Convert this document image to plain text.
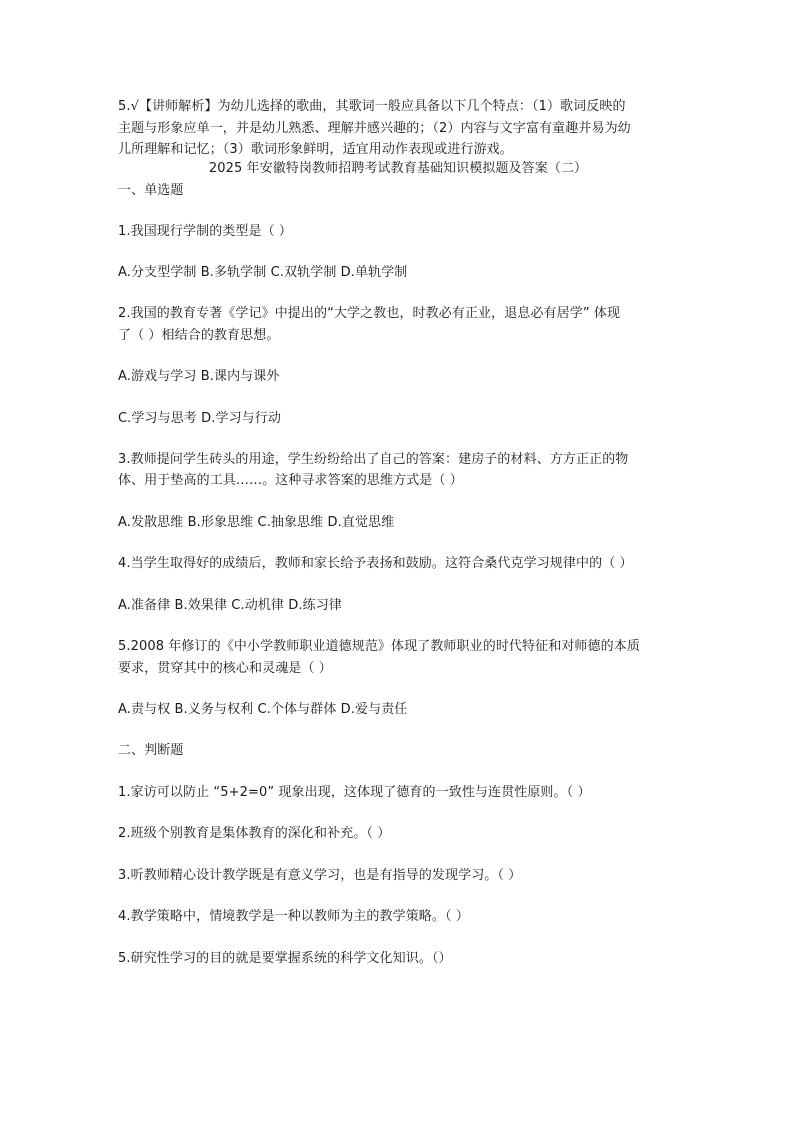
5.√【讲师解析】为幼儿选择的歌曲，其歌词一般应具备以下几个特点：（1）歌词反映的
主题与形象应单一，并是幼儿熟悉、理解并感兴趣的；（2）内容与文字富有童趣并易为幼
儿所理解和记忆；（3）歌词形象鲜明，适宜用动作表现或进行游戏。
2025 年安徽特岗教师招聘考试教育基础知识模拟题及答案（二）
一、单选题
1.我国现行学制的类型是（ ）
A.分支型学制 B.多轨学制 C.双轨学制 D.单轨学制
2.我国的教育专著《学记》中提出的“大学之教也，时教必有正业，退息必有居学” 体现
了（ ）相结合的教育思想。
A.游戏与学习 B.课内与课外
C.学习与思考 D.学习与行动
3.教师提问学生砖头的用途，学生纷纷给出了自己的答案：建房子的材料、方方正正的物
体、用于垫高的工具……。这种寻求答案的思维方式是（ ）
A.发散思维 B.形象思维 C.抽象思维 D.直觉思维
4.当学生取得好的成绩后，教师和家长给予表扬和鼓励。这符合桑代克学习规律中的（ ）
A.准备律 B.效果律 C.动机律 D.练习律
5.2008 年修订的《中小学教师职业道德规范》体现了教师职业的时代特征和对师德的本质
要求，贯穿其中的核心和灵魂是（ ）
A.责与权 B.义务与权利 C.个体与群体 D.爱与责任
二、判断题
1.家访可以防止 “5+2=0” 现象出现，这体现了德育的一致性与连贯性原则。（ ）
2.班级个别教育是集体教育的深化和补充。（ ）
3.听教师精心设计教学既是有意义学习，也是有指导的发现学习。（ ）
4.教学策略中，情境教学是一种以教师为主的教学策略。（ ）
5.研究性学习的目的就是要掌握系统的科学文化知识。（）
